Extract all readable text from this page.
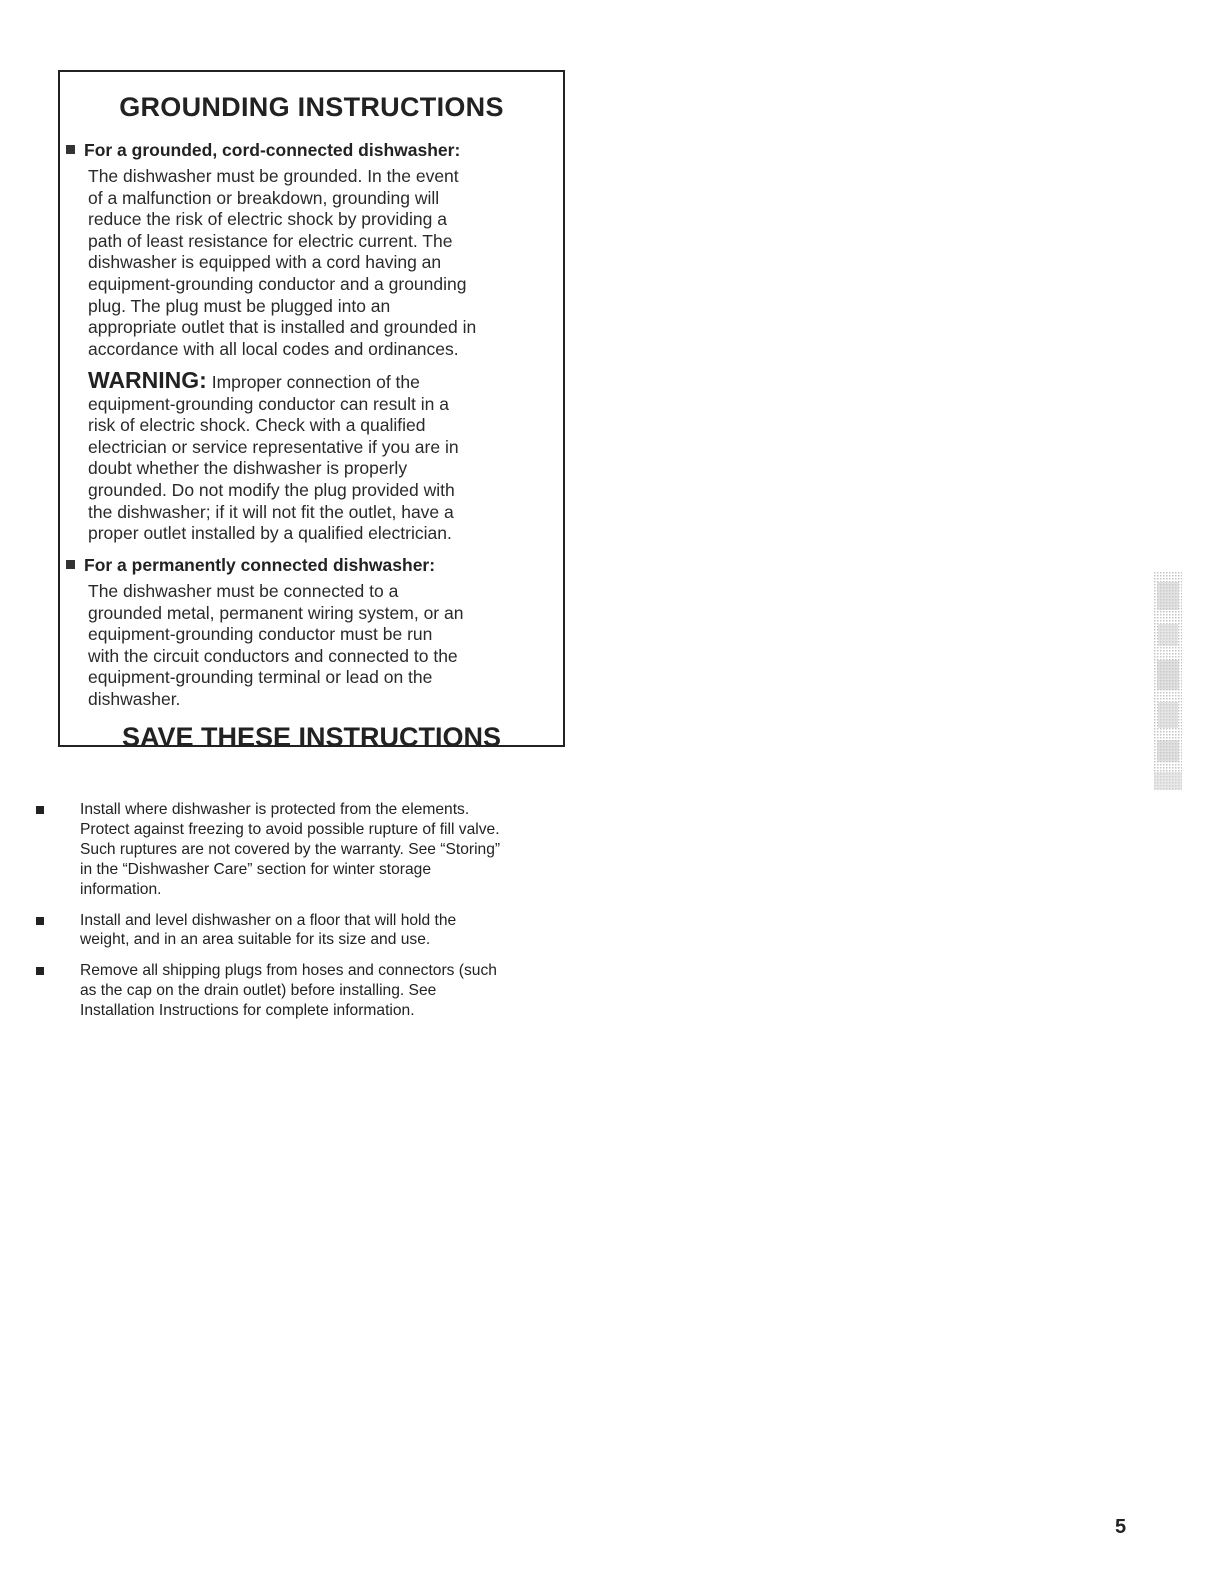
GROUNDING INSTRUCTIONS

For a grounded, cord-connected dishwasher:

The dishwasher must be grounded. In the event
of a malfunction or breakdown, grounding will
reduce the risk of electric shock by providing a
path of least resistance for electric current. The
dishwasher is equipped with a cord having an
equipment-grounding conductor and a grounding
plug. The plug must be plugged into an
appropriate outlet that is installed and grounded in
accordance with all local codes and ordinances.

WARNING: Improper connection of the
equipment-grounding conductor can result in a
risk of electric shock. Check with a qualified
electrician or service representative if you are in
doubt whether the dishwasher is properly
grounded. Do not modify the plug provided with
the dishwasher; if it will not fit the outlet, have a
proper outlet installed by a qualified electrician.

For a permanently connected dishwasher:

The dishwasher must be connected to a
grounded metal, permanent wiring system, or an
equipment-grounding conductor must be run
with the circuit conductors and connected to the
equipment-grounding terminal or lead on the
dishwasher.

SAVE THESE INSTRUCTIONS
Install where dishwasher is protected from the elements.
Protect against freezing to avoid possible rupture of fill valve.
Such ruptures are not covered by the warranty. See “Storing”
in the “Dishwasher Care” section for winter storage
information.
Install and level dishwasher on a floor that will hold the
weight, and in an area suitable for its size and use.
Remove all shipping plugs from hoses and connectors (such
as the cap on the drain outlet) before installing. See
Installation Instructions for complete information.

5
